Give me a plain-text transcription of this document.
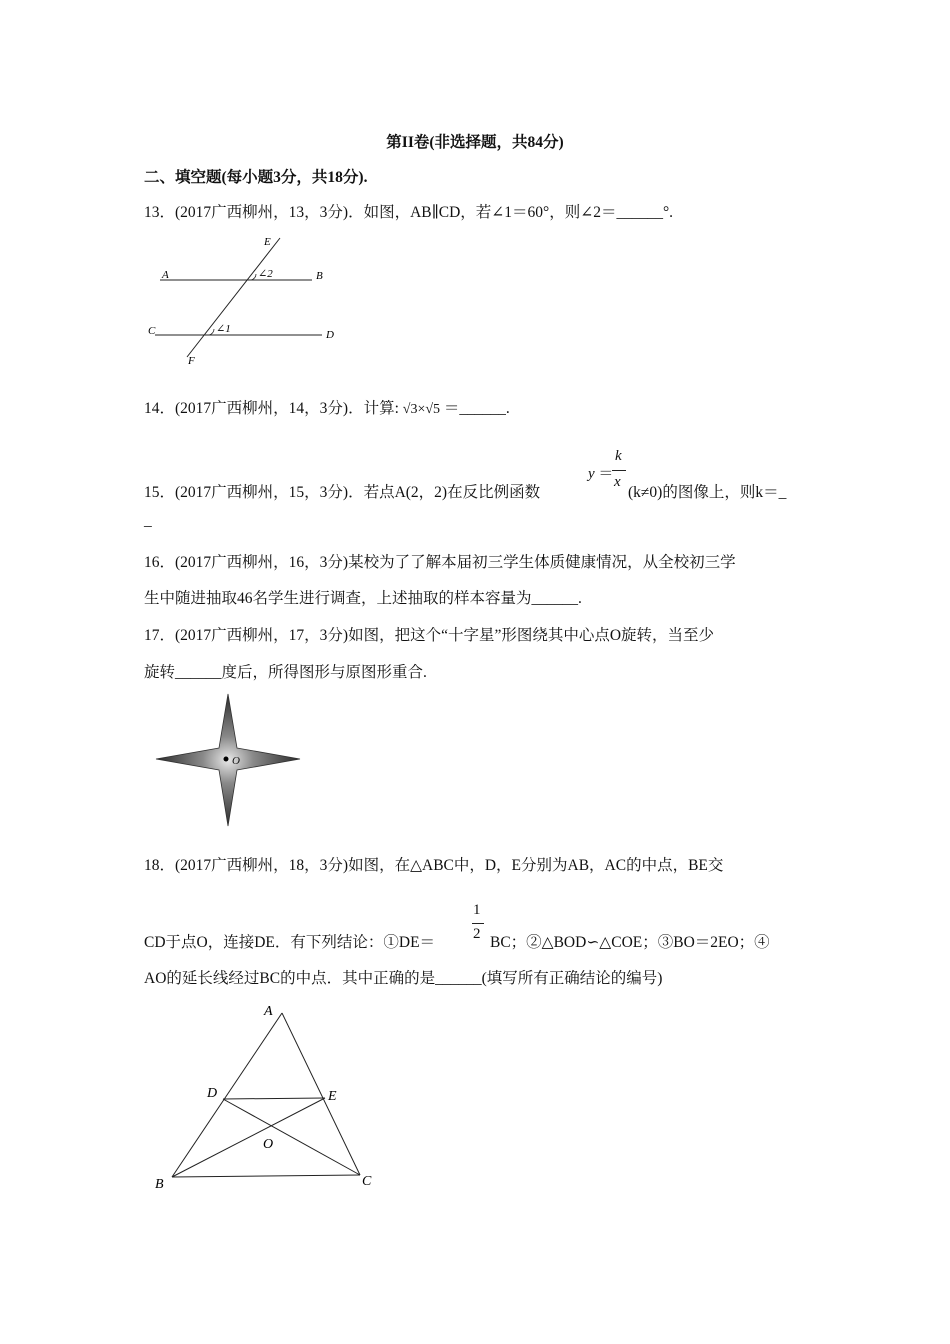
第II卷(非选择题，共84分)
二、填空题(每小题3分，共18分).
13．(2017广西柳州，13，3分)．如图，AB∥CD，若∠1＝60°，则∠2＝______°.
E
A	B
∠2
C	D
∠1
F
14．(2017广西柳州，14，3分)．计算: √3×√5 ＝______.
15．(2017广西柳州，15，3分)．若点A(2，2)在反比例函数
y ＝
k
x
(k≠0)的图像上，则k＝_
_
16．(2017广西柳州，16，3分)某校为了了解本届初三学生体质健康情况，从全校初三学
生中随进抽取46名学生进行调查，上述抽取的样本容量为______.
17．(2017广西柳州，17，3分)如图，把这个“十字星”形图绕其中心点O旋转，当至少
旋转______度后，所得图形与原图形重合.
O
18．(2017广西柳州，18，3分)如图，在△ABC中，D，E分别为AB，AC的中点，BE交
1
2
CD于点O，连接DE．有下列结论：①DE＝	BC；②△BOD∽△COE；③BO＝2EO；④
AO的延长线经过BC的中点．其中正确的是______(填写所有正确结论的编号)
A
D	E
O
B	C
